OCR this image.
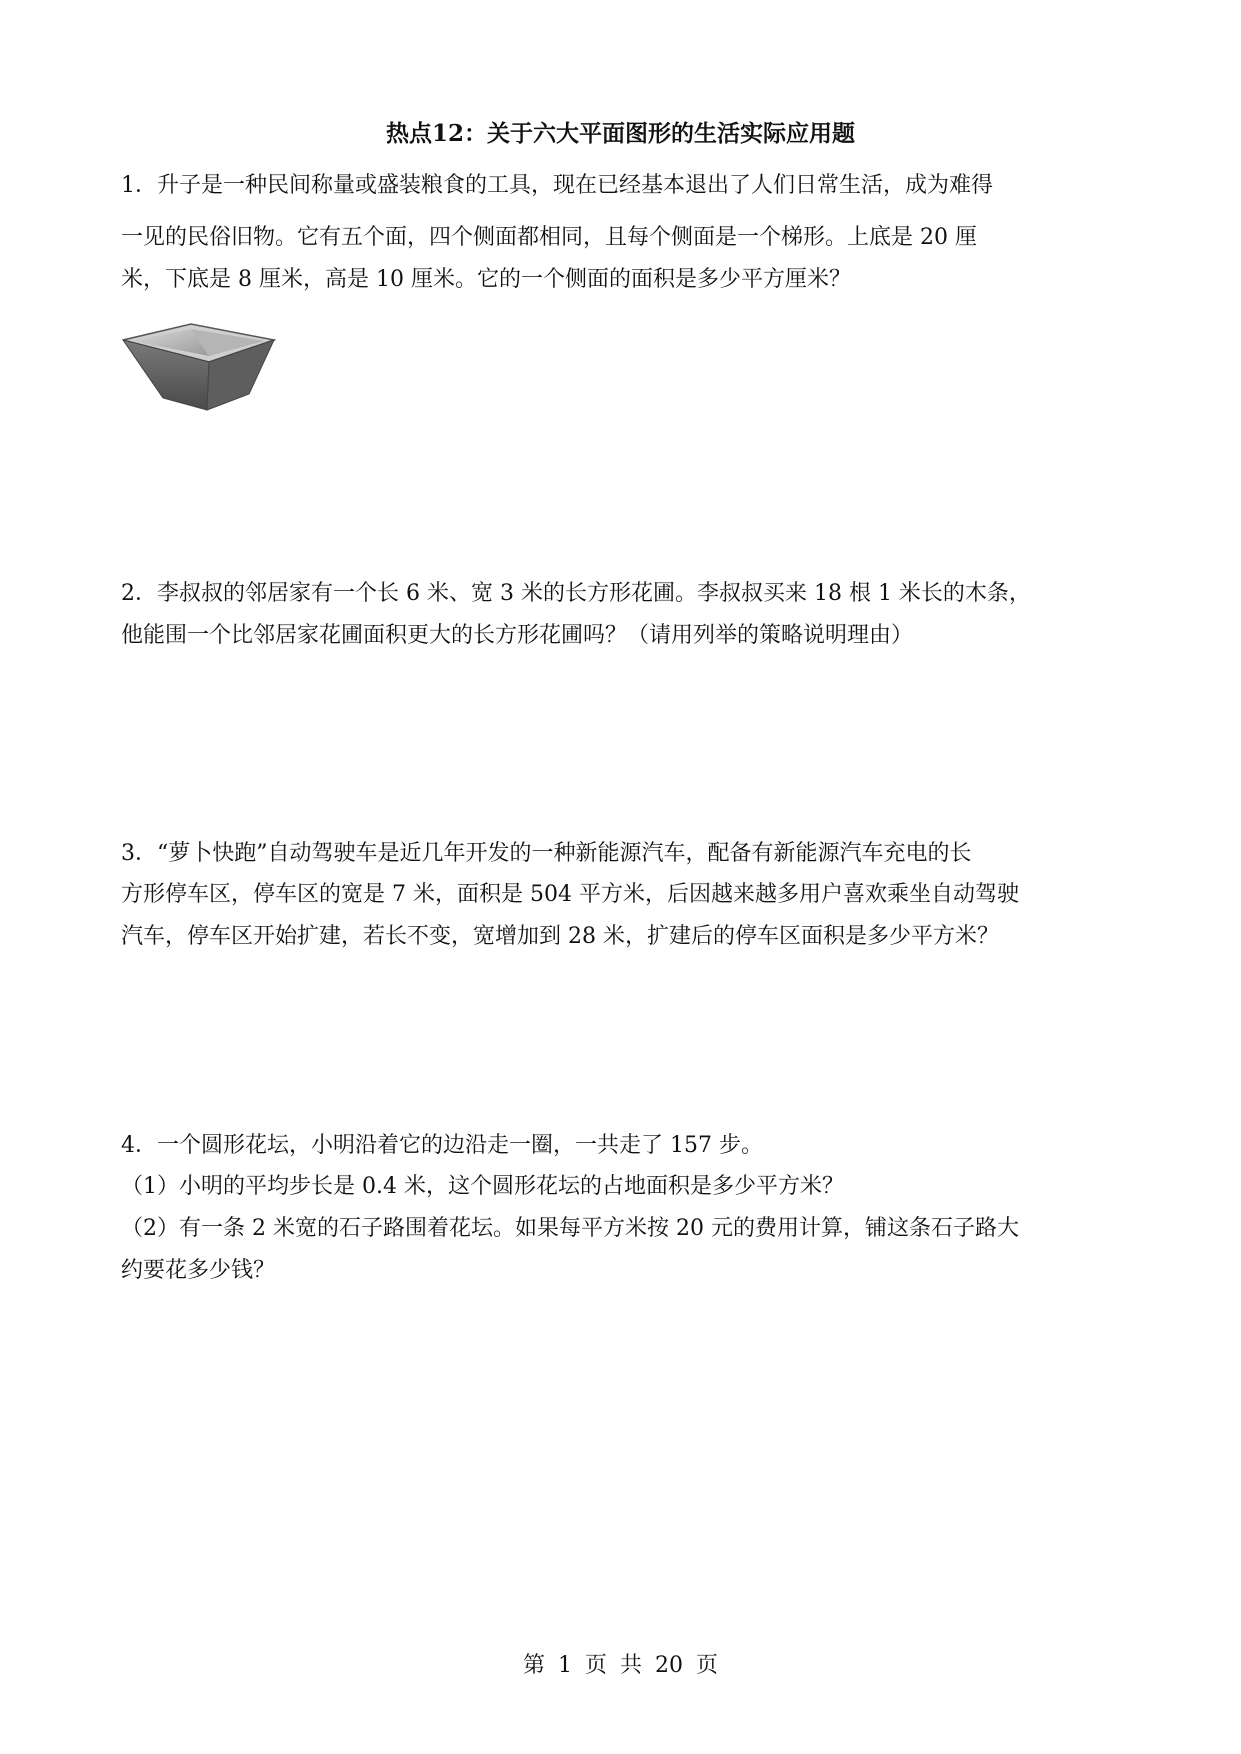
热点12：关于六大平面图形的生活实际应用题
1．升子是一种民间称量或盛装粮食的工具，现在已经基本退出了人们日常生活，成为难得
一见的民俗旧物。它有五个面，四个侧面都相同，且每个侧面是一个梯形。上底是 20 厘
米，下底是 8 厘米，高是 10 厘米。它的一个侧面的面积是多少平方厘米？
2．李叔叔的邻居家有一个长 6 米、宽 3 米的长方形花圃。李叔叔买来 18 根 1 米长的木条，
他能围一个比邻居家花圃面积更大的长方形花圃吗？（请用列举的策略说明理由）
3．“萝卜快跑”自动驾驶车是近几年开发的一种新能源汽车，配备有新能源汽车充电的长
方形停车区，停车区的宽是 7 米，面积是 504 平方米，后因越来越多用户喜欢乘坐自动驾驶
汽车，停车区开始扩建，若长不变，宽增加到 28 米，扩建后的停车区面积是多少平方米？
4．一个圆形花坛，小明沿着它的边沿走一圈，一共走了 157 步。
（1）小明的平均步长是 0.4 米，这个圆形花坛的占地面积是多少平方米？
（2）有一条 2 米宽的石子路围着花坛。如果每平方米按 20 元的费用计算，铺这条石子路大
约要花多少钱？
第 1 页 共 20 页
